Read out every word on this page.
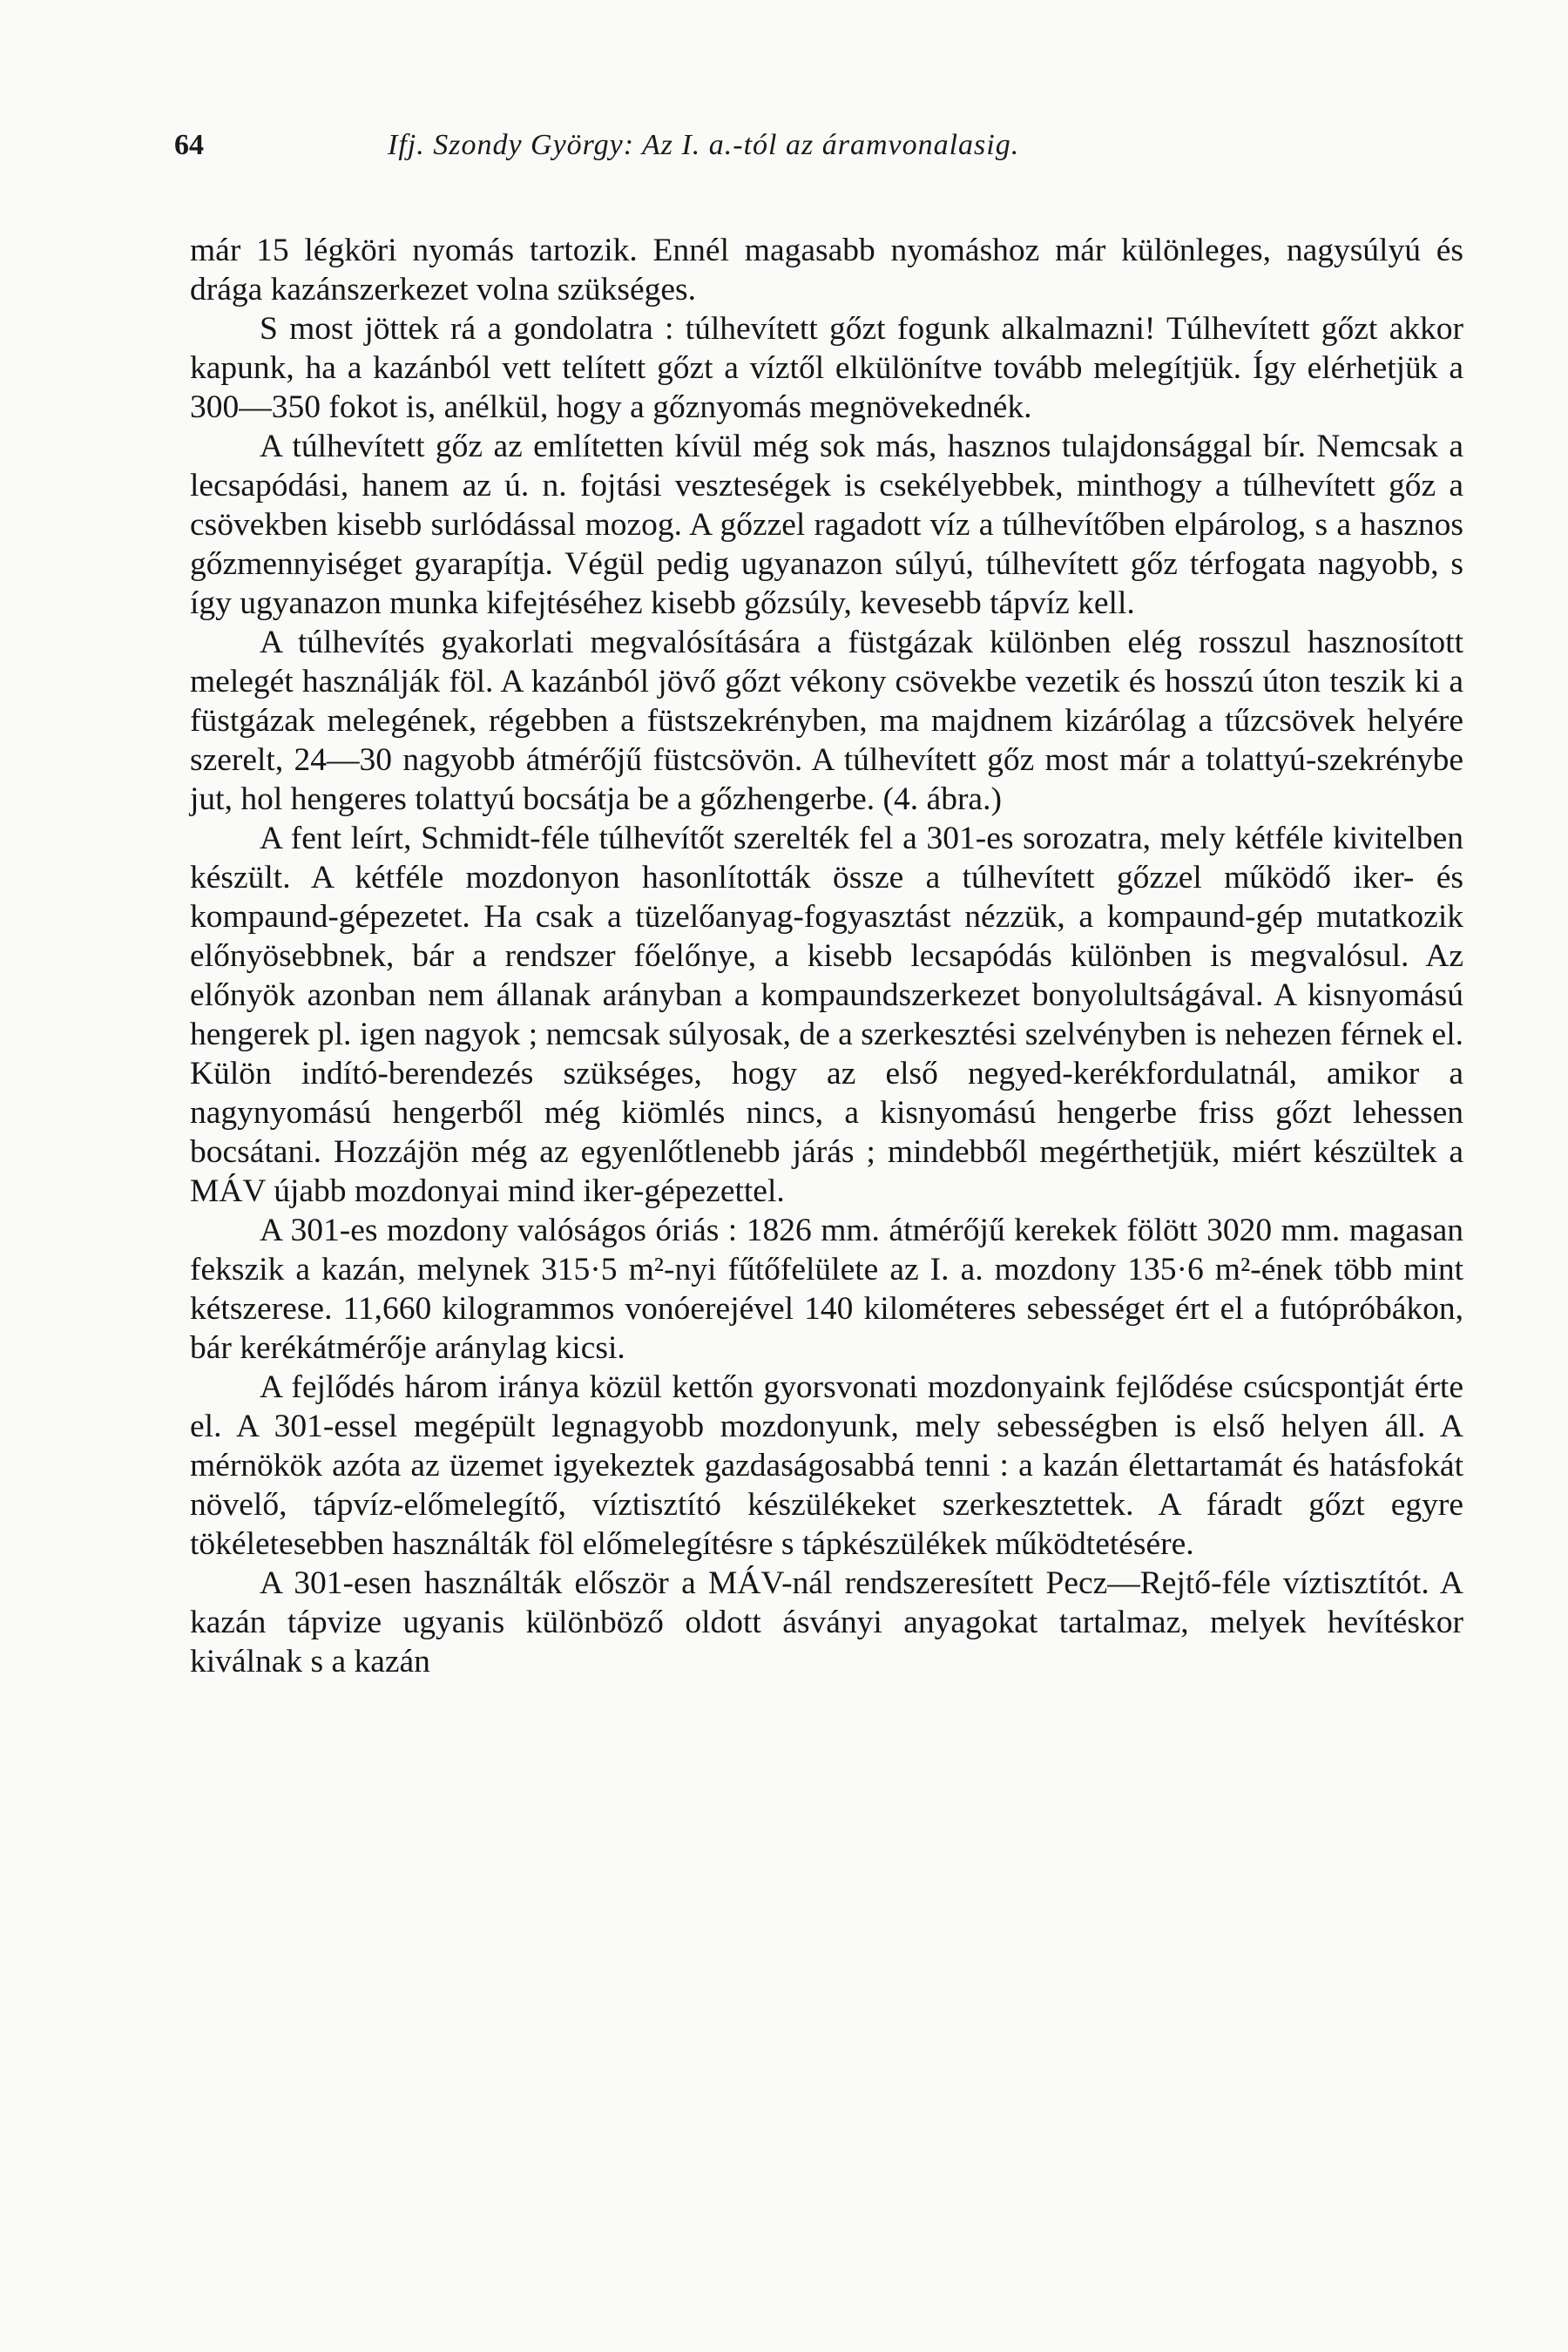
64	Ifj. Szondy György: Az I. a.-tól az áramvonalasig.

már 15 légköri nyomás tartozik. Ennél magasabb nyomáshoz már különleges, nagysúlyú és drága kazánszerkezet volna szükséges.

S most jöttek rá a gondolatra : túlhevített gőzt fogunk alkalmazni! Túlhevített gőzt akkor kapunk, ha a kazánból vett telített gőzt a víztől elkülönítve tovább melegítjük. Így elérhetjük a 300—350 fokot is, anélkül, hogy a gőznyomás megnövekednék.

A túlhevített gőz az említetten kívül még sok más, hasznos tulajdonsággal bír. Nemcsak a lecsapódási, hanem az ú. n. fojtási veszteségek is csekélyebbek, minthogy a túlhevített gőz a csövekben kisebb surlódással mozog. A gőzzel ragadott víz a túlhevítőben elpárolog, s a hasznos gőzmennyiséget gyarapítja. Végül pedig ugyanazon súlyú, túlhevített gőz térfogata nagyobb, s így ugyanazon munka kifejtéséhez kisebb gőzsúly, kevesebb tápvíz kell.

A túlhevítés gyakorlati megvalósítására a füstgázak különben elég rosszul hasznosított melegét használják föl. A kazánból jövő gőzt vékony csövekbe vezetik és hosszú úton teszik ki a füstgázak melegének, régebben a füstszekrényben, ma majdnem kizárólag a tűzcsövek helyére szerelt, 24—30 nagyobb átmérőjű füstcsövön. A túlhevített gőz most már a tolattyú-szekrénybe jut, hol hengeres tolattyú bocsátja be a gőzhengerbe. (4. ábra.)

A fent leírt, Schmidt-féle túlhevítőt szerelték fel a 301-es sorozatra, mely kétféle kivitelben készült. A kétféle mozdonyon hasonlították össze a túlhevített gőzzel működő iker- és kompaund-gépezetet. Ha csak a tüzelőanyag-fogyasztást nézzük, a kompaund-gép mutatkozik előnyösebbnek, bár a rendszer főelőnye, a kisebb lecsapódás különben is megvalósul. Az előnyök azonban nem állanak arányban a kompaundszerkezet bonyolultságával. A kisnyomású hengerek pl. igen nagyok ; nemcsak súlyosak, de a szerkesztési szelvényben is nehezen férnek el. Külön indító-berendezés szükséges, hogy az első negyed-kerékfordulatnál, amikor a nagynyomású hengerből még kiömlés nincs, a kisnyomású hengerbe friss gőzt lehessen bocsátani. Hozzájön még az egyenlőtlenebb járás ; mindebből megérthetjük, miért készültek a MÁV újabb mozdonyai mind iker-gépezettel.

A 301-es mozdony valóságos óriás : 1826 mm. átmérőjű kerekek fölött 3020 mm. magasan fekszik a kazán, melynek 315·5 m²-nyi fűtőfelülete az I. a. mozdony 135·6 m²-ének több mint kétszerese. 11,660 kilogrammos vonóerejével 140 kilométeres sebességet ért el a futópróbákon, bár kerékátmérője aránylag kicsi.

A fejlődés három iránya közül kettőn gyorsvonati mozdonyaink fejlődése csúcspontját érte el. A 301-essel megépült legnagyobb mozdonyunk, mely sebességben is első helyen áll. A mérnökök azóta az üzemet igyekeztek gazdaságosabbá tenni : a kazán élettartamát és hatásfokát növelő, tápvíz-előmelegítő, víztisztító készülékeket szerkesztettek. A fáradt gőzt egyre tökéletesebben használták föl előmelegítésre s tápkészülékek működtetésére.

A 301-esen használták először a MÁV-nál rendszeresített Pecz—Rejtő-féle víztisztítót. A kazán tápvize ugyanis különböző oldott ásványi anyagokat tartalmaz, melyek hevítéskor kiválnak s a kazán
